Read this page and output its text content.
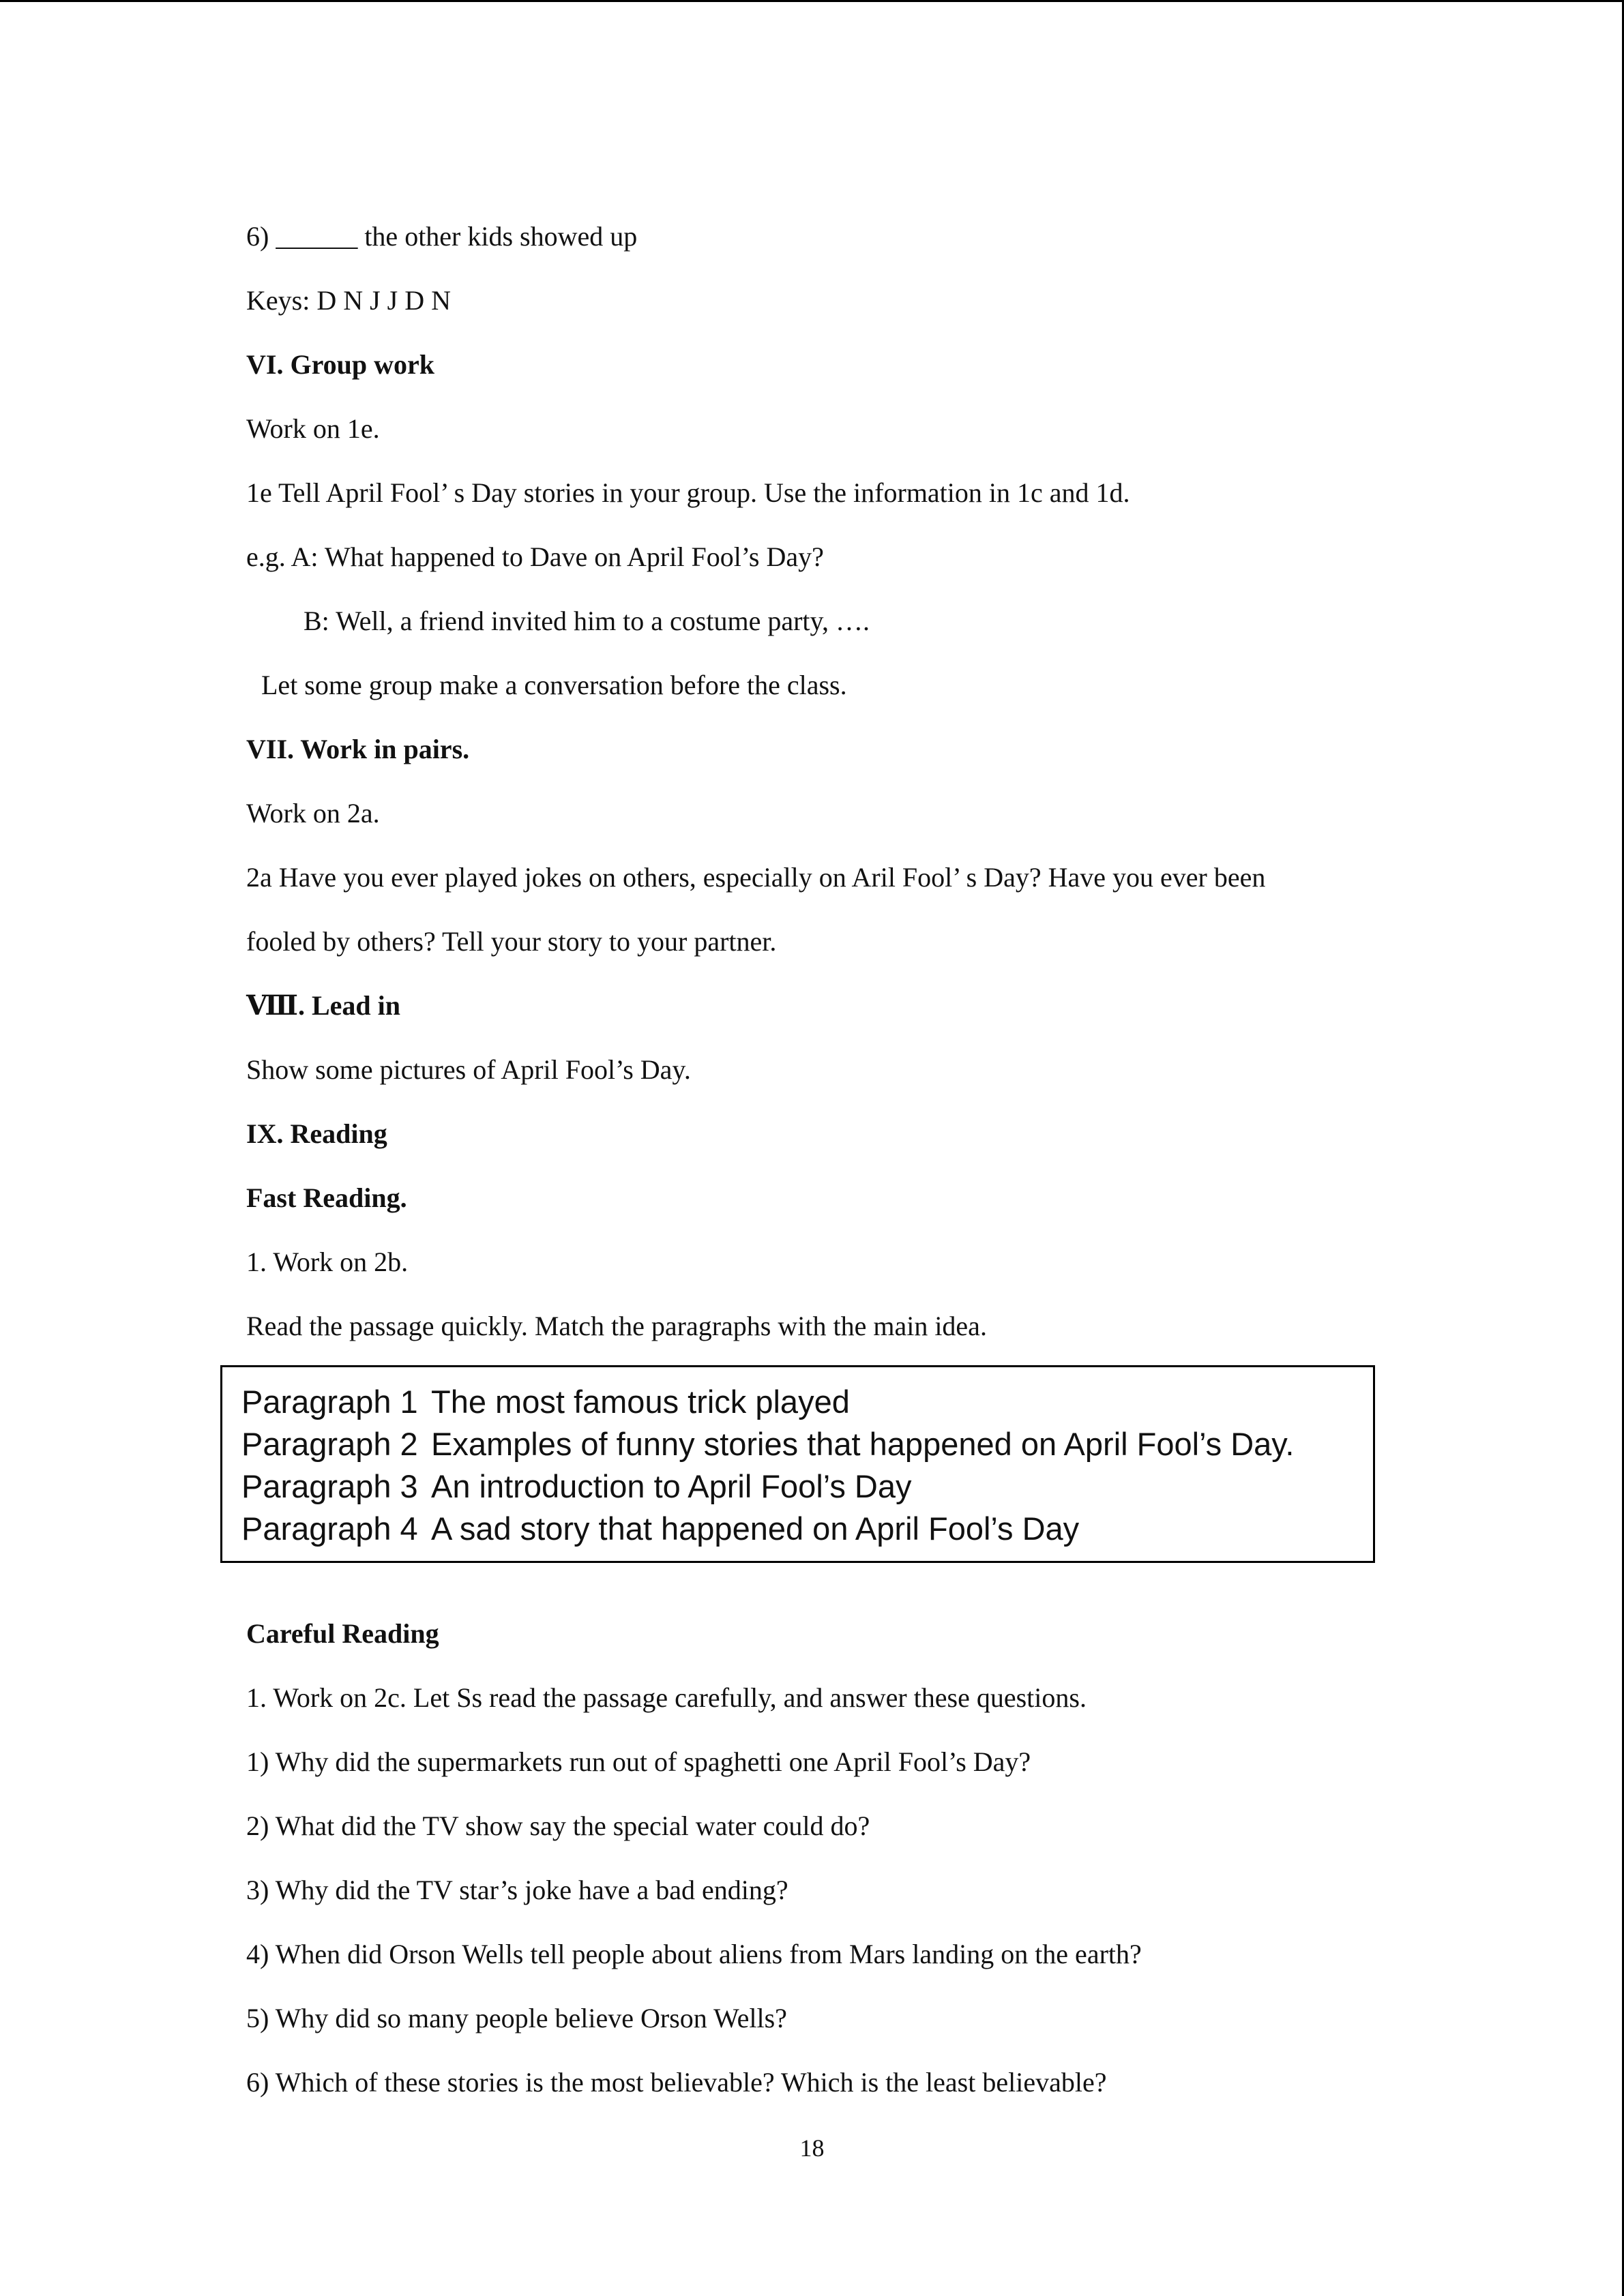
6) ______ the other kids showed up
Keys: D N J J D N
VI. Group work
Work on 1e.
1e Tell April Fool’ s Day stories in your group. Use the information in 1c and 1d.
e.g. A: What happened to Dave on April Fool’s Day?
B: Well, a friend invited him to a costume party, ….
Let some group make a conversation before the class.
VII. Work in pairs.
Work on 2a.
2a Have you ever played jokes on others, especially on Aril Fool’ s Day? Have you ever been
fooled by others? Tell your story to your partner.
Ⅷ. Lead in
Show some pictures of April Fool’s Day.
IX. Reading
Fast Reading.
1. Work on 2b.
Read the passage quickly. Match the paragraphs with the main idea.
Paragraph 1 The most famous trick played
Paragraph 2 Examples of funny stories that happened on April Fool’s Day.
Paragraph 3 An introduction to April Fool’s Day
Paragraph 4 A sad story that happened on April Fool’s Day
Careful Reading
1. Work on 2c. Let Ss read the passage carefully, and answer these questions.
1) Why did the supermarkets run out of spaghetti one April Fool’s Day?
2) What did the TV show say the special water could do?
3) Why did the TV star’s joke have a bad ending?
4) When did Orson Wells tell people about aliens from Mars landing on the earth?
5) Why did so many people believe Orson Wells?
6) Which of these stories is the most believable? Which is the least believable?
18
